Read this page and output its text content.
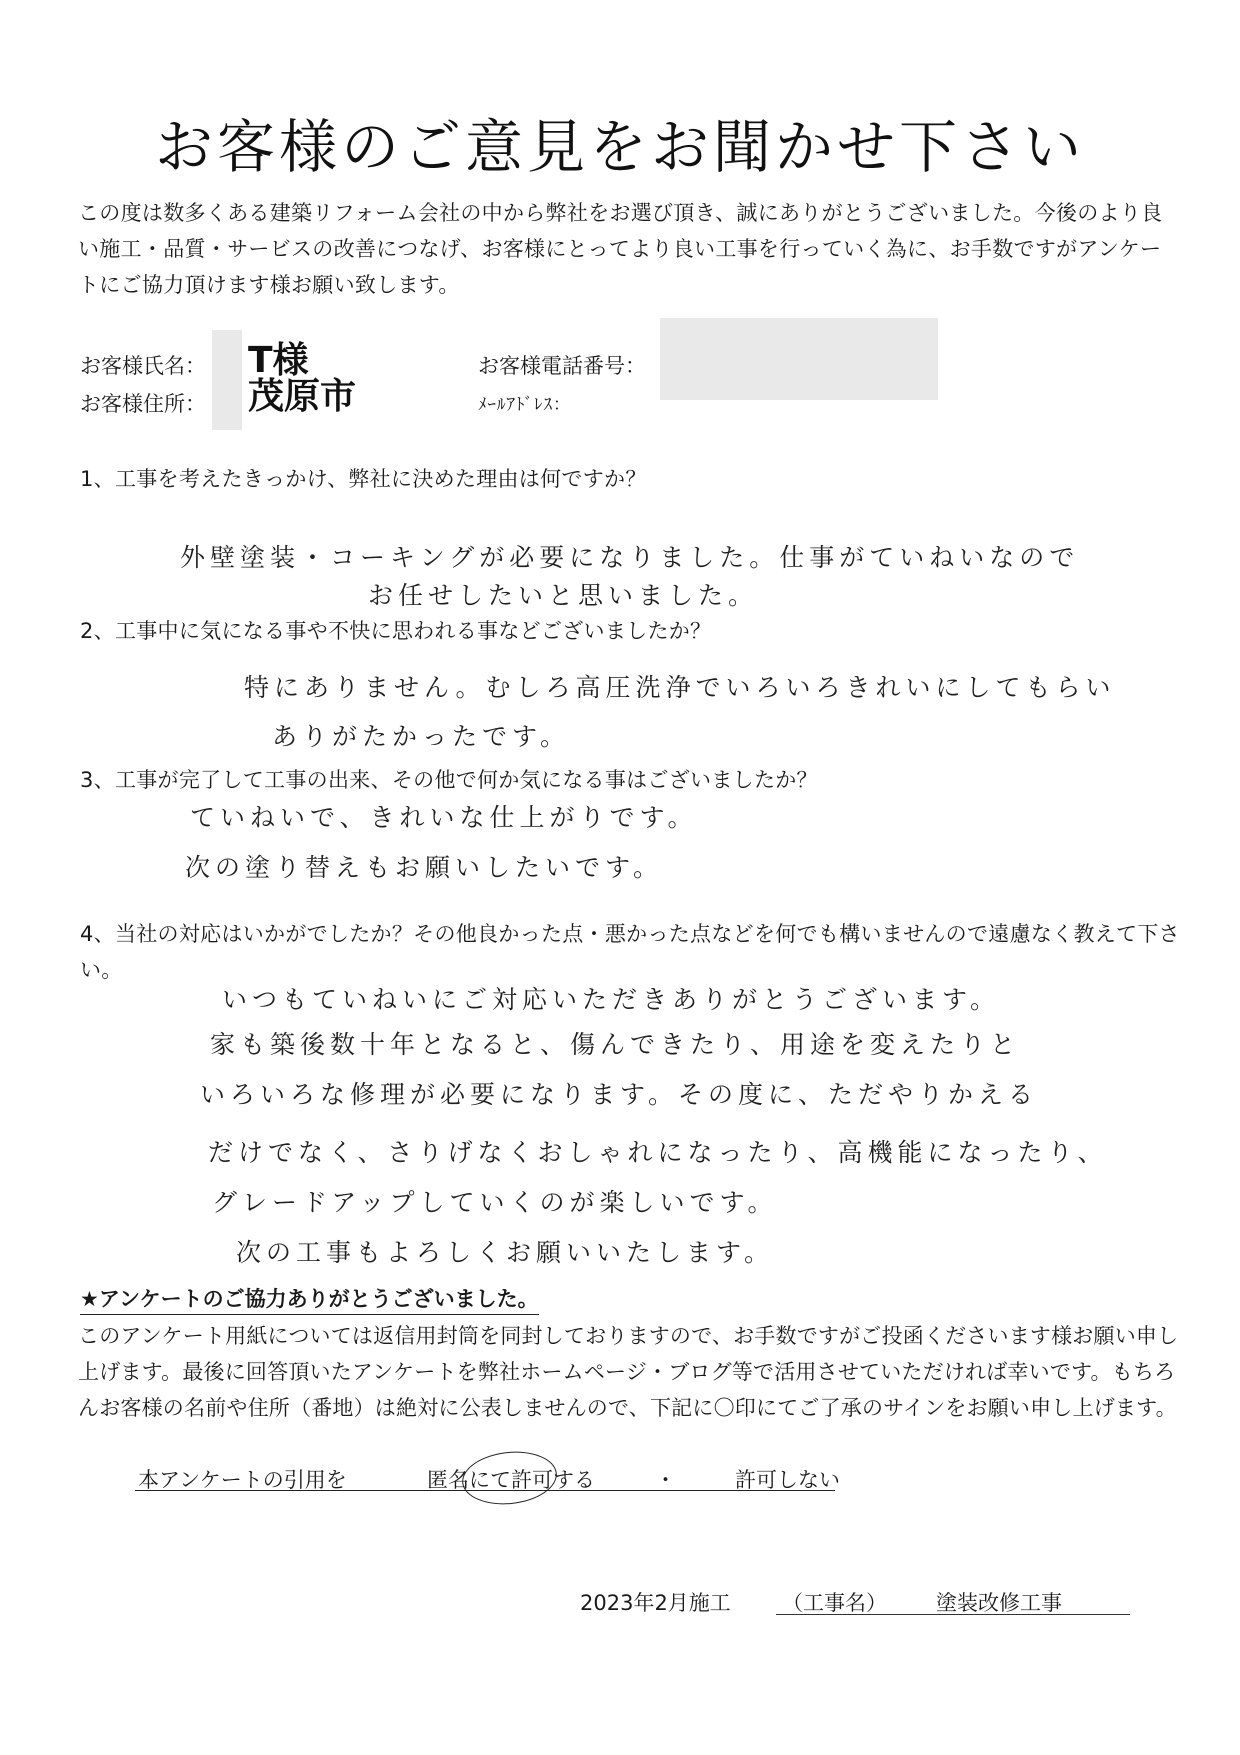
お客様のご意見をお聞かせ下さい
この度は数多くある建築リフォーム会社の中から弊社をお選び頂き、誠にありがとうございました。今後のより良い施工・品質・サービスの改善につなげ、お客様にとってより良い工事を行っていく為に、お手数ですがアンケートにご協力頂けます様お願い致します。
お客様氏名： T様
お客様住所： 茂原市
お客様電話番号：
ﾒｰﾙｱﾄﾞﾚｽ：
1、工事を考えたきっかけ、弊社に決めた理由は何ですか？
外壁塗装・コーキングが必要になりました。仕事がていねいなので
お任せしたいと思いました。
2、工事中に気になる事や不快に思われる事などございましたか？
特にありません。むしろ高圧洗浄でいろいろきれいにしてもらい
ありがたかったです。
3、工事が完了して工事の出来、その他で何か気になる事はございましたか？
ていねいで、きれいな仕上がりです。
次の塗り替えもお願いしたいです。
4、当社の対応はいかがでしたか？その他良かった点・悪かった点などを何でも構いませんので遠慮なく教えて下さい。
いつもていねいにご対応いただきありがとうございます。
家も築後数十年となると、傷んできたり、用途を変えたりと
いろいろな修理が必要になります。その度に、ただやりかえる
だけでなく、さりげなくおしゃれになったり、高機能になったり、
グレードアップしていくのが楽しいです。
次の工事もよろしくお願いいたします。
★アンケートのご協力ありがとうございました。
このアンケート用紙については返信用封筒を同封しておりますので、お手数ですがご投函くださいます様お願い申し上げます。最後に回答頂いたアンケートを弊社ホームページ・ブログ等で活用させていただければ幸いです。もちろんお客様の名前や住所（番地）は絶対に公表しませんので、下記に〇印にてご了承のサインをお願い申し上げます。
本アンケートの引用を	匿名にて許可する	・	許可しない
2023年2月施工 （工事名） 塗装改修工事
